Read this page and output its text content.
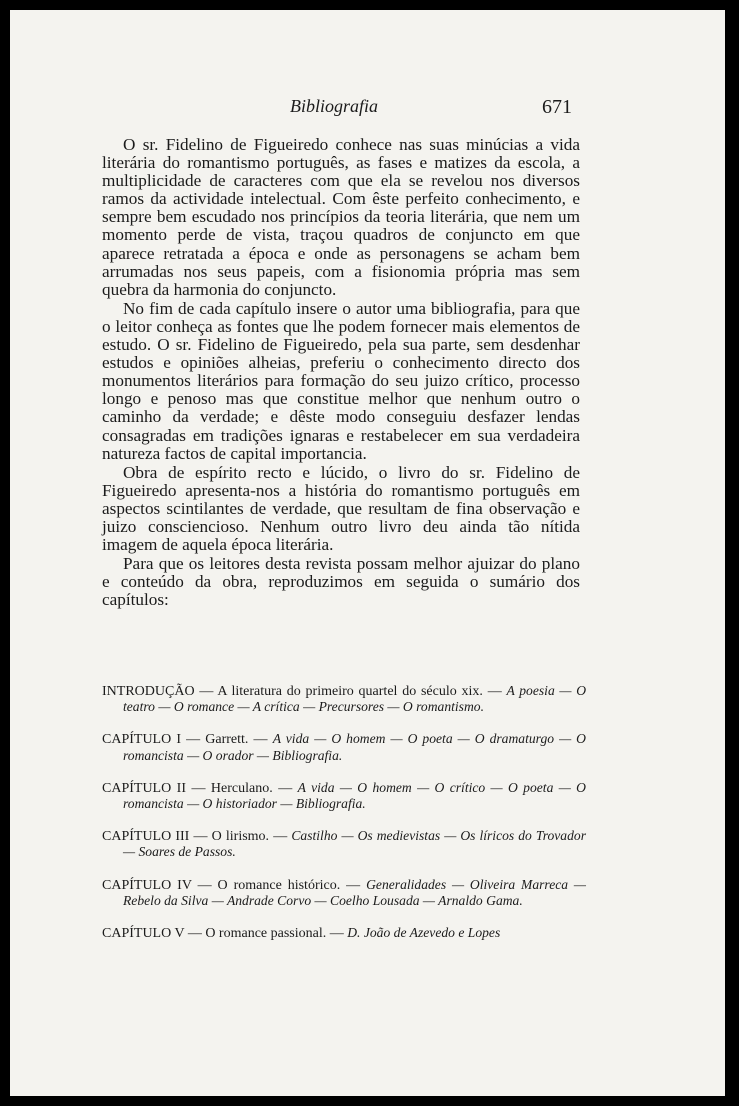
Bibliografia	671

O sr. Fidelino de Figueiredo conhece nas suas minúcias a vida literária do romantismo português, as fases e matizes da escola, a multiplicidade de caracteres com que ela se revelou nos diversos ramos da actividade intelectual. Com êste perfeito conhecimento, e sempre bem escudado nos princípios da teoria literária, que nem um momento perde de vista, traçou quadros de conjuncto em que aparece retratada a época e onde as personagens se acham bem arrumadas nos seus papeis, com a fisionomia própria mas sem quebra da harmonia do conjuncto.

No fim de cada capítulo insere o autor uma bibliografia, para que o leitor conheça as fontes que lhe podem fornecer mais elementos de estudo. O sr. Fidelino de Figueiredo, pela sua parte, sem desdenhar estudos e opiniões alheias, preferiu o conhecimento directo dos monumentos literários para formação do seu juizo crítico, processo longo e penoso mas que constitue melhor que nenhum outro o caminho da verdade; e dêste modo conseguiu desfazer lendas consagradas em tradições ignaras e restabelecer em sua verdadeira natureza factos de capital importancia.

Obra de espírito recto e lúcido, o livro do sr. Fidelino de Figueiredo apresenta-nos a história do romantismo português em aspectos scintilantes de verdade, que resultam de fina observação e juizo consciencioso. Nenhum outro livro deu ainda tão nítida imagem de aquela época literária.

Para que os leitores desta revista possam melhor ajuizar do plano e conteúdo da obra, reproduzimos em seguida o sumário dos capítulos:

INTRODUÇÃO — A literatura do primeiro quartel do século xix. — A poesia — O teatro — O romance — A crítica — Precursores — O romantismo.
CAPÍTULO I — Garrett. — A vida — O homem — O poeta — O dramaturgo — O romancista — O orador — Bibliografia.
CAPÍTULO II — Herculano. — A vida — O homem — O crítico — O poeta — O romancista — O historiador — Bibliografia.
CAPÍTULO III — O lirismo. — Castilho — Os medievistas — Os líricos do Trovador — Soares de Passos.
CAPÍTULO IV — O romance histórico. — Generalidades — Oliveira Marreca — Rebelo da Silva — Andrade Corvo — Coelho Lousada — Arnaldo Gama.
CAPÍTULO V — O romance passional. — D. João de Azevedo e Lopes
